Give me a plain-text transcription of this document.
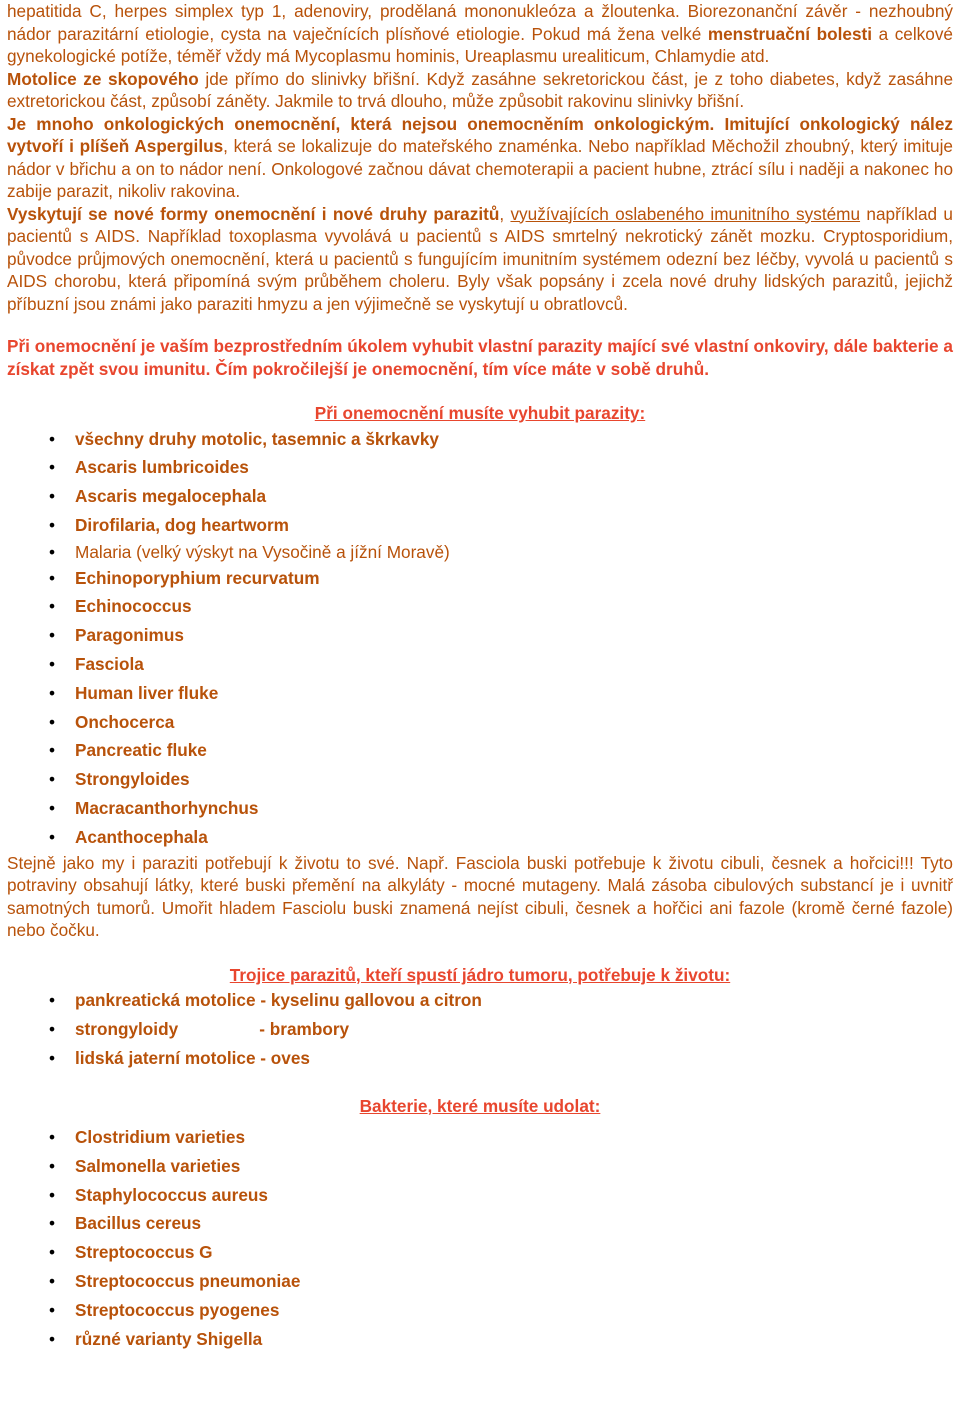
hepatitida C, herpes simplex typ 1, adenoviry, prodělaná mononukleóza a žloutenka. Biorezonanční závěr - nezhoubný nádor parazitární etiologie, cysta na vaječnících plísňové etiologie. Pokud má žena velké menstruační bolesti a celkové gynekologické potíže, téměř vždy má Mycoplasmu hominis, Ureaplasmu urealiticum, Chlamydie atd.
Motolice ze skopového jde přímo do slinivky břišní. Když zasáhne sekretorickou část, je z toho diabetes, když zasáhne extretorickou část, způsobí záněty. Jakmile to trvá dlouho, může způsobit rakovinu slinivky břišní.
Je mnoho onkologických onemocnění, která nejsou onemocněním onkologickým. Imitující onkologický nález vytvoří i plíšeň Aspergilus, která se lokalizuje do mateřského znaménka. Nebo například Měchožil zhoubný, který imituje nádor v břichu a on to nádor není. Onkologové začnou dávat chemoterapii a pacient hubne, ztrácí sílu i naději a nakonec ho zabije parazit, nikoliv rakovina.
Vyskytují se nové formy onemocnění i nové druhy parazitů, využívajících oslabeného imunitního systému například u pacientů s AIDS. Například toxoplasma vyvolává u pacientů s AIDS smrtelný nekrotický zánět mozku. Cryptosporidium, původce průjmových onemocnění, která u pacientů s fungujícím imunitním systémem odezní bez léčby, vyvolá u pacientů s AIDS chorobu, která připomíná svým průběhem choleru. Byly však popsány i zcela nové druhy lidských parazitů, jejichž příbuzní jsou známi jako paraziti hmyzu a jen výjimečně se vyskytují u obratlovců.

Při onemocnění je vaším bezprostředním úkolem vyhubit vlastní parazity mající své vlastní onkoviry, dále bakterie a získat zpět svou imunitu. Čím pokročilejší je onemocnění, tím více máte v sobě druhů.

Při onemocnění musíte vyhubit parazity:

• všechny druhy motolic, tasemnic a škrkavky
• Ascaris lumbricoides
• Ascaris megalocephala
• Dirofilaria, dog heartworm
• Malaria (velký výskyt na Vysočině a jížní Moravě)
• Echinoporyphium recurvatum
• Echinococcus
• Paragonimus
• Fasciola
• Human liver fluke
• Onchocerca
• Pancreatic fluke
• Strongyloides
• Macracanthorhynchus
• Acanthocephala

Stejně jako my i paraziti potřebují k životu to své. Např. Fasciola buski potřebuje k životu cibuli, česnek a hořcici!!! Tyto potraviny obsahují látky, které buski přemění na alkyláty - mocné mutageny. Malá zásoba cibulových substancí je i uvnitř samotných tumorů. Umořit hladem Fasciolu buski znamená nejíst cibuli, česnek a hořčici ani fazole (kromě černé fazole) nebo čočku.

Trojice parazitů, kteří spustí jádro tumoru, potřebuje k životu:

• pankreatická motolice - kyselinu gallovou a citron
• strongyloidy                 - brambory
• lidská jaterní motolice - oves

Bakterie, které musíte udolat:

• Clostridium varieties
• Salmonella varieties
• Staphylococcus aureus
• Bacillus cereus
• Streptococcus G
• Streptococcus pneumoniae
• Streptococcus pyogenes
• různé varianty Shigella
